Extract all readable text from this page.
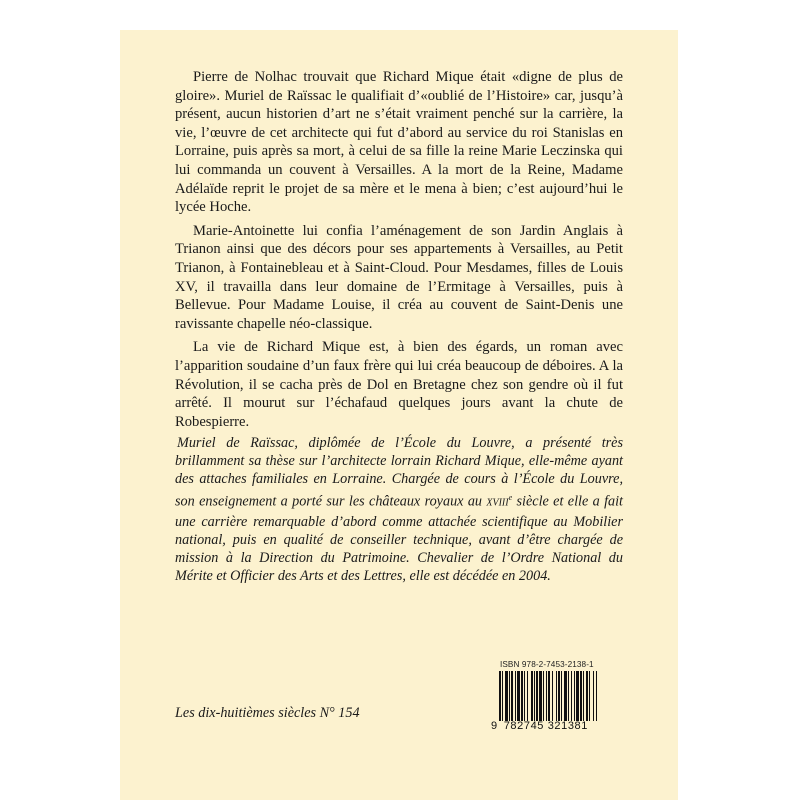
Pierre de Nolhac trouvait que Richard Mique était «digne de plus de gloire». Muriel de Raïssac le qualifiait d’«oublié de l’Histoire» car, jusqu’à présent, aucun historien d’art ne s’était vraiment penché sur la carrière, la vie, l’œuvre de cet architecte qui fut d’abord au service du roi Stanislas en Lorraine, puis après sa mort, à celui de sa fille la reine Marie Leczinska qui lui commanda un couvent à Versailles. A la mort de la Reine, Madame Adélaïde reprit le projet de sa mère et le mena à bien; c’est aujourd’hui le lycée Hoche.

Marie-Antoinette lui confia l’aménagement de son Jardin Anglais à Trianon ainsi que des décors pour ses appartements à Versailles, au Petit Trianon, à Fontainebleau et à Saint-Cloud. Pour Mesdames, filles de Louis XV, il travailla dans leur domaine de l’Ermitage à Versailles, puis à Bellevue. Pour Madame Louise, il créa au couvent de Saint-Denis une ravissante chapelle néo-classique.

La vie de Richard Mique est, à bien des égards, un roman avec l’apparition soudaine d’un faux frère qui lui créa beaucoup de déboires. A la Révolution, il se cacha près de Dol en Bretagne chez son gendre où il fut arrêté. Il mourut sur l’échafaud quelques jours avant la chute de Robespierre.

Muriel de Raïssac, diplômée de l’École du Louvre, a présenté très brillamment sa thèse sur l’architecte lorrain Richard Mique, elle-même ayant des attaches familiales en Lorraine. Chargée de cours à l’École du Louvre, son enseignement a porté sur les châteaux royaux au XVIIIe siècle et elle a fait une carrière remarquable d’abord comme attachée scientifique au Mobilier national, puis en qualité de conseiller technique, avant d’être chargée de mission à la Direction du Patrimoine. Chevalier de l’Ordre National du Mérite et Officier des Arts et des Lettres, elle est décédée en 2004.
Les dix-huitièmes siècles N° 154
ISBN 978-2-7453-2138-1
9 782745 321381
